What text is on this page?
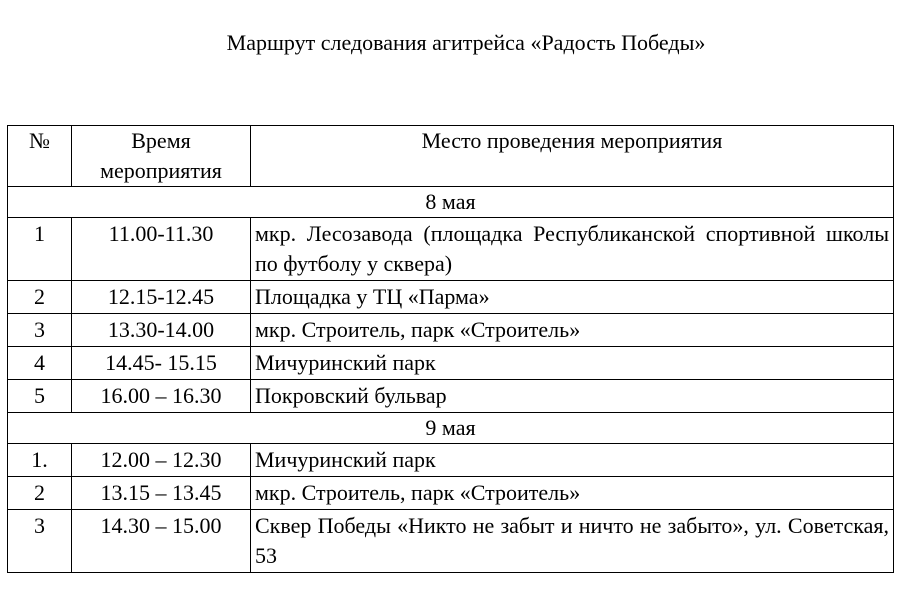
Маршрут следования агитрейса «Радость Победы»
№	Время мероприятия	Место проведения мероприятия
8 мая		
1	11.00-11.30	мкр. Лесозавода (площадка Республиканской спортивной школы по футболу у сквера)
2	12.15-12.45	Площадка у ТЦ «Парма»
3	13.30-14.00	мкр. Строитель, парк «Строитель»
4	14.45- 15.15	Мичуринский парк
5	16.00 – 16.30	Покровский бульвар
9 мая		
1.	12.00 – 12.30	Мичуринский парк
2	13.15 – 13.45	мкр. Строитель, парк «Строитель»
3	14.30 – 15.00	Сквер Победы «Никто не забыт и ничто не забыто», ул. Советская, 53
